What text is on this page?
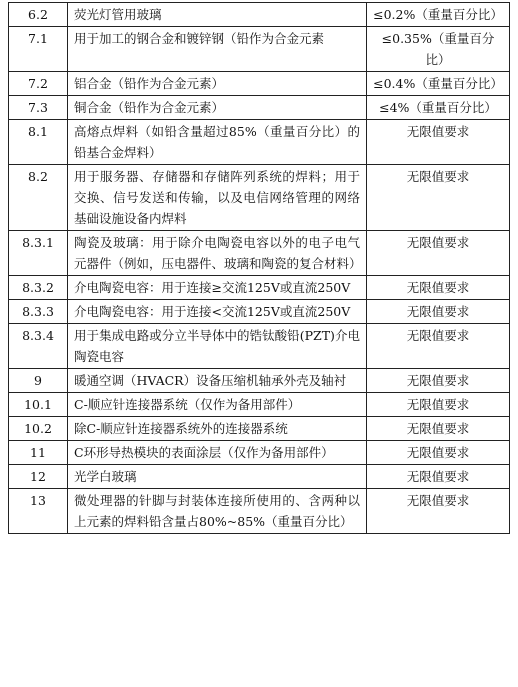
6.2	荧光灯管用玻璃	≤0.2%（重量百分比）
7.1	用于加工的钢合金和镀锌钢（铅作为合金元素	≤0.35%（重量百分比）
7.2	铝合金（铅作为合金元素）	≤0.4%（重量百分比）
7.3	铜合金（铅作为合金元素）	≤4%（重量百分比）
8.1	高熔点焊料（如铅含量超过85%（重量百分比）的铅基合金焊料）	无限值要求
8.2	用于服务器、存储器和存储阵列系统的焊料；用于交换、信号发送和传输，以及电信网络管理的网络基础设施设备内焊料	无限值要求
8.3.1	陶瓷及玻璃：用于除介电陶瓷电容以外的电子电气元器件（例如，压电器件、玻璃和陶瓷的复合材料）	无限值要求
8.3.2	介电陶瓷电容：用于连接≥交流125V或直流250V	无限值要求
8.3.3	介电陶瓷电容：用于连接<交流125V或直流250V	无限值要求
8.3.4	用于集成电路或分立半导体中的锆钛酸铅(PZT)介电陶瓷电容	无限值要求
9	暖通空调（HVACR）设备压缩机轴承外壳及轴衬	无限值要求
10.1	C-顺应针连接器系统（仅作为备用部件）	无限值要求
10.2	除C-顺应针连接器系统外的连接器系统	无限值要求
11	C环形导热模块的表面涂层（仅作为备用部件）	无限值要求
12	光学白玻璃	无限值要求
13	微处理器的针脚与封装体连接所使用的、含两种以上元素的焊料铅含量占80%~85%（重量百分比）	无限值要求
